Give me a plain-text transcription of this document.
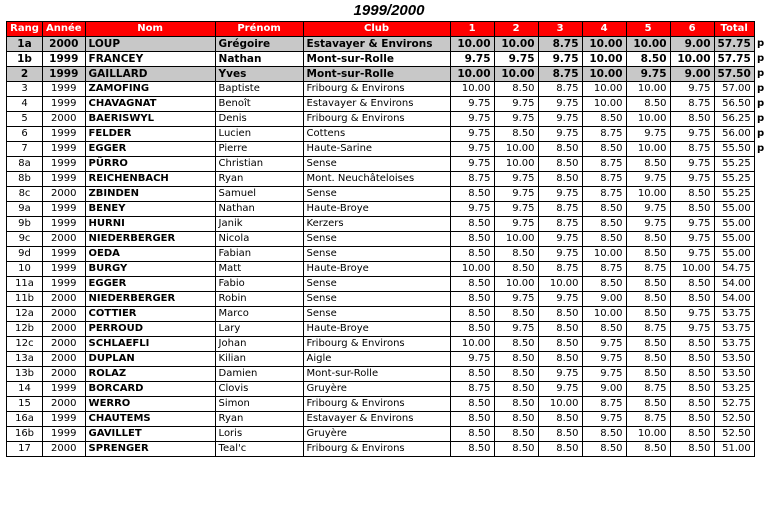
1999/2000
Rang	Année	Nom	Prénom	Club	1	2	3	4	5	6	Total
1a	2000	LOUP	Grégoire	Estavayer & Environs	10.00	10.00	8.75	10.00	10.00	9.00	57.75
1b	1999	FRANCEY	Nathan	Mont-sur-Rolle	9.75	9.75	9.75	10.00	8.50	10.00	57.75
2	1999	GAILLARD	Yves	Mont-sur-Rolle	10.00	10.00	8.75	10.00	9.75	9.00	57.50
3	1999	ZAMOFING	Baptiste	Fribourg & Environs	10.00	8.50	8.75	10.00	10.00	9.75	57.00
4	1999	CHAVAGNAT	Benoît	Estavayer & Environs	9.75	9.75	9.75	10.00	8.50	8.75	56.50
5	2000	BAERISWYL	Denis	Fribourg & Environs	9.75	9.75	9.75	8.50	10.00	8.50	56.25
6	1999	FELDER	Lucien	Cottens	9.75	8.50	9.75	8.75	9.75	9.75	56.00
7	1999	EGGER	Pierre	Haute-Sarine	9.75	10.00	8.50	8.50	10.00	8.75	55.50
8a	1999	PÜRRO	Christian	Sense	9.75	10.00	8.50	8.75	8.50	9.75	55.25
8b	1999	REICHENBACH	Ryan	Mont. Neuchâteloises	8.75	9.75	8.50	8.75	9.75	9.75	55.25
8c	2000	ZBINDEN	Samuel	Sense	8.50	9.75	9.75	8.75	10.00	8.50	55.25
9a	1999	BENEY	Nathan	Haute-Broye	9.75	9.75	8.75	8.50	9.75	8.50	55.00
9b	1999	HURNI	Janik	Kerzers	8.50	9.75	8.75	8.50	9.75	9.75	55.00
9c	2000	NIEDERBERGER	Nicola	Sense	8.50	10.00	9.75	8.50	8.50	9.75	55.00
9d	1999	OEDA	Fabian	Sense	8.50	8.50	9.75	10.00	8.50	9.75	55.00
10	1999	BURGY	Matt	Haute-Broye	10.00	8.50	8.75	8.75	8.75	10.00	54.75
11a	1999	EGGER	Fabio	Sense	8.50	10.00	10.00	8.50	8.50	8.50	54.00
11b	2000	NIEDERBERGER	Robin	Sense	8.50	9.75	9.75	9.00	8.50	8.50	54.00
12a	2000	COTTIER	Marco	Sense	8.50	8.50	8.50	10.00	8.50	9.75	53.75
12b	2000	PERROUD	Lary	Haute-Broye	8.50	9.75	8.50	8.50	8.75	9.75	53.75
12c	2000	SCHLAEFLI	Johan	Fribourg & Environs	10.00	8.50	8.50	9.75	8.50	8.50	53.75
13a	2000	DUPLAN	Kilian	Aigle	9.75	8.50	8.50	9.75	8.50	8.50	53.50
13b	2000	ROLAZ	Damien	Mont-sur-Rolle	8.50	8.50	9.75	9.75	8.50	8.50	53.50
14	1999	BORCARD	Clovis	Gruyère	8.75	8.50	9.75	9.00	8.75	8.50	53.25
15	2000	WERRO	Simon	Fribourg & Environs	8.50	8.50	10.00	8.75	8.50	8.50	52.75
16a	1999	CHAUTEMS	Ryan	Estavayer & Environs	8.50	8.50	8.50	9.75	8.75	8.50	52.50
16b	1999	GAVILLET	Loris	Gruyère	8.50	8.50	8.50	8.50	10.00	8.50	52.50
17	2000	SPRENGER	Teal'c	Fribourg & Environs	8.50	8.50	8.50	8.50	8.50	8.50	51.00
p
p
p
p
p
p
p
p
